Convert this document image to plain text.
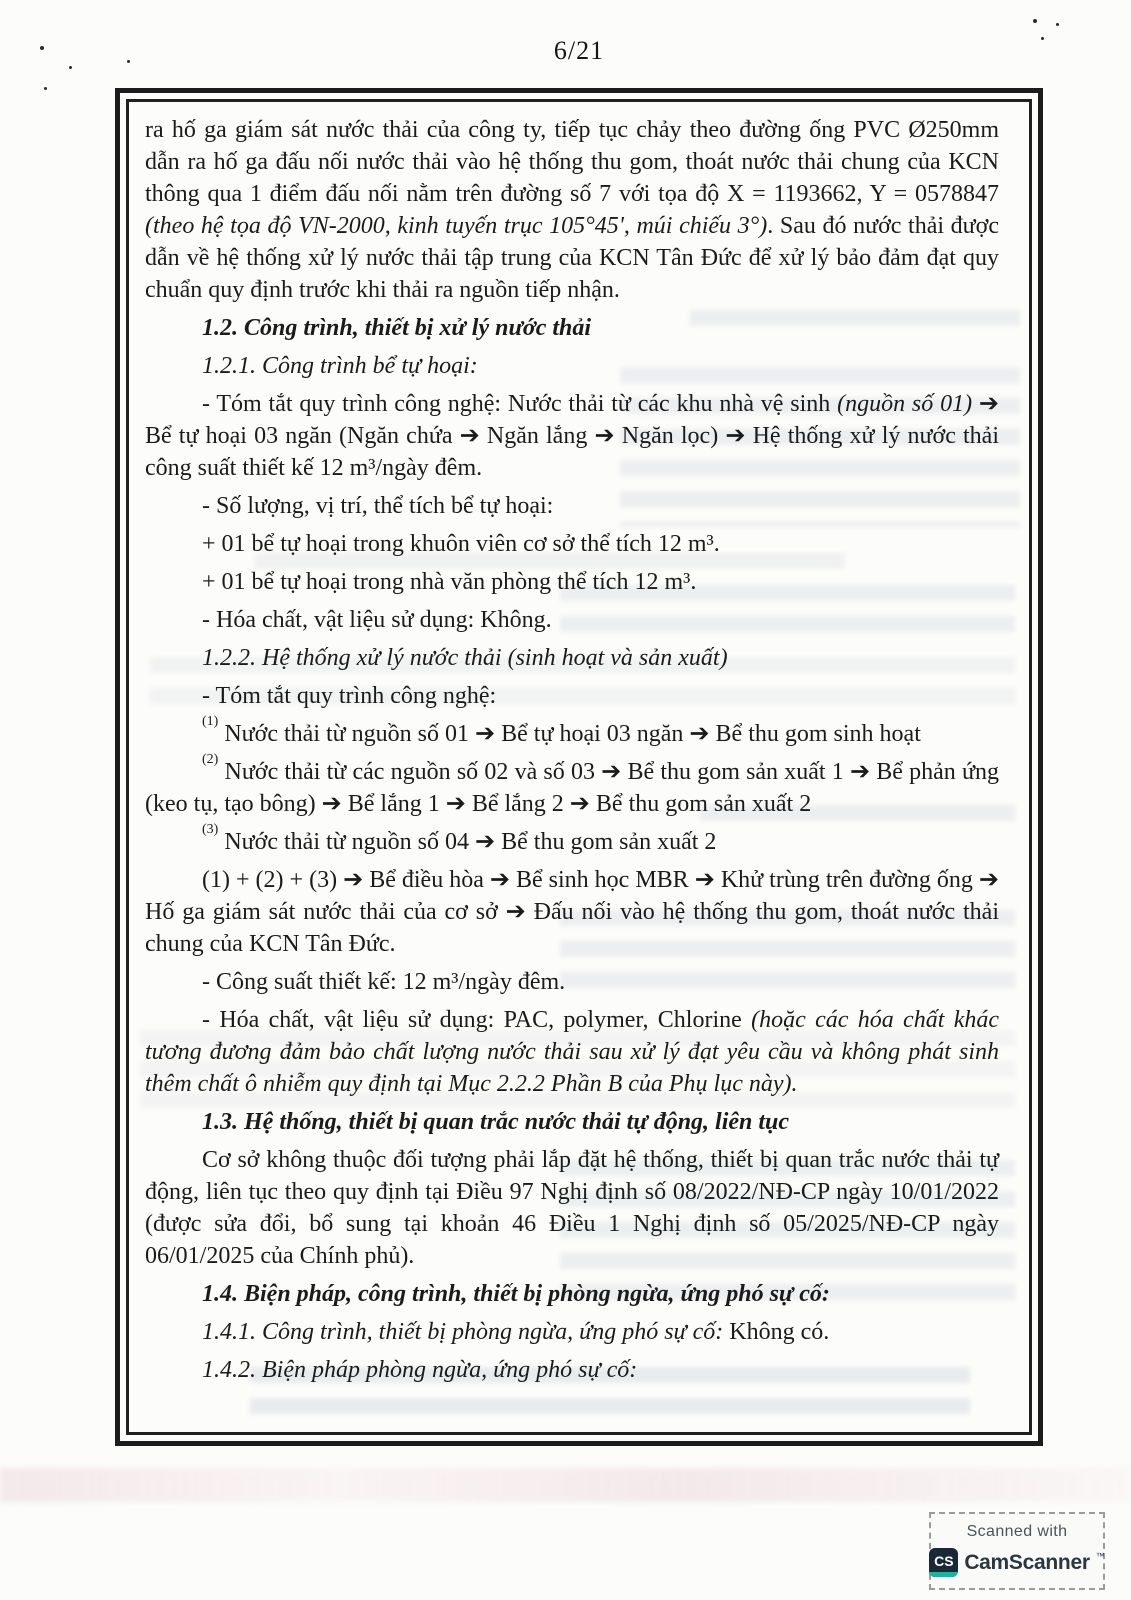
6/21

ra hố ga giám sát nước thải của công ty, tiếp tục chảy theo đường ống PVC Ø250mm dẫn ra hố ga đấu nối nước thải vào hệ thống thu gom, thoát nước thải chung của KCN thông qua 1 điểm đấu nối nằm trên đường số 7 với tọa độ X = 1193662, Y = 0578847 (theo hệ tọa độ VN-2000, kinh tuyến trục 105°45', múi chiếu 3°). Sau đó nước thải được dẫn về hệ thống xử lý nước thải tập trung của KCN Tân Đức để xử lý bảo đảm đạt quy chuẩn quy định trước khi thải ra nguồn tiếp nhận.

1.2. Công trình, thiết bị xử lý nước thải

1.2.1. Công trình bể tự hoại:

- Tóm tắt quy trình công nghệ: Nước thải từ các khu nhà vệ sinh (nguồn số 01) ➔ Bể tự hoại 03 ngăn (Ngăn chứa ➔ Ngăn lắng ➔ Ngăn lọc) ➔ Hệ thống xử lý nước thải công suất thiết kế 12 m³/ngày đêm.

- Số lượng, vị trí, thể tích bể tự hoại:

+ 01 bể tự hoại trong khuôn viên cơ sở thể tích 12 m³.

+ 01 bể tự hoại trong nhà văn phòng thể tích 12 m³.

- Hóa chất, vật liệu sử dụng: Không.

1.2.2. Hệ thống xử lý nước thải (sinh hoạt và sản xuất)

- Tóm tắt quy trình công nghệ:

$^{(1)}$ Nước thải từ nguồn số 01 ➔ Bể tự hoại 03 ngăn ➔ Bể thu gom sinh hoạt

$^{(2)}$ Nước thải từ các nguồn số 02 và số 03 ➔ Bể thu gom sản xuất 1 ➔ Bể phản ứng (keo tụ, tạo bông) ➔ Bể lắng 1 ➔ Bể lắng 2 ➔ Bể thu gom sản xuất 2

$^{(3)}$ Nước thải từ nguồn số 04 ➔ Bể thu gom sản xuất 2

(1) + (2) + (3) ➔ Bể điều hòa ➔ Bể sinh học MBR ➔ Khử trùng trên đường ống ➔ Hố ga giám sát nước thải của cơ sở ➔ Đấu nối vào hệ thống thu gom, thoát nước thải chung của KCN Tân Đức.

- Công suất thiết kế: 12 m³/ngày đêm.

- Hóa chất, vật liệu sử dụng: PAC, polymer, Chlorine (hoặc các hóa chất khác tương đương đảm bảo chất lượng nước thải sau xử lý đạt yêu cầu và không phát sinh thêm chất ô nhiễm quy định tại Mục 2.2.2 Phần B của Phụ lục này).

1.3. Hệ thống, thiết bị quan trắc nước thải tự động, liên tục

Cơ sở không thuộc đối tượng phải lắp đặt hệ thống, thiết bị quan trắc nước thải tự động, liên tục theo quy định tại Điều 97 Nghị định số 08/2022/NĐ-CP ngày 10/01/2022 (được sửa đổi, bổ sung tại khoản 46 Điều 1 Nghị định số 05/2025/NĐ-CP ngày 06/01/2025 của Chính phủ).

1.4. Biện pháp, công trình, thiết bị phòng ngừa, ứng phó sự cố:

1.4.1. Công trình, thiết bị phòng ngừa, ứng phó sự cố: Không có.

1.4.2. Biện pháp phòng ngừa, ứng phó sự cố:

Scanned with
CS CamScanner ™
